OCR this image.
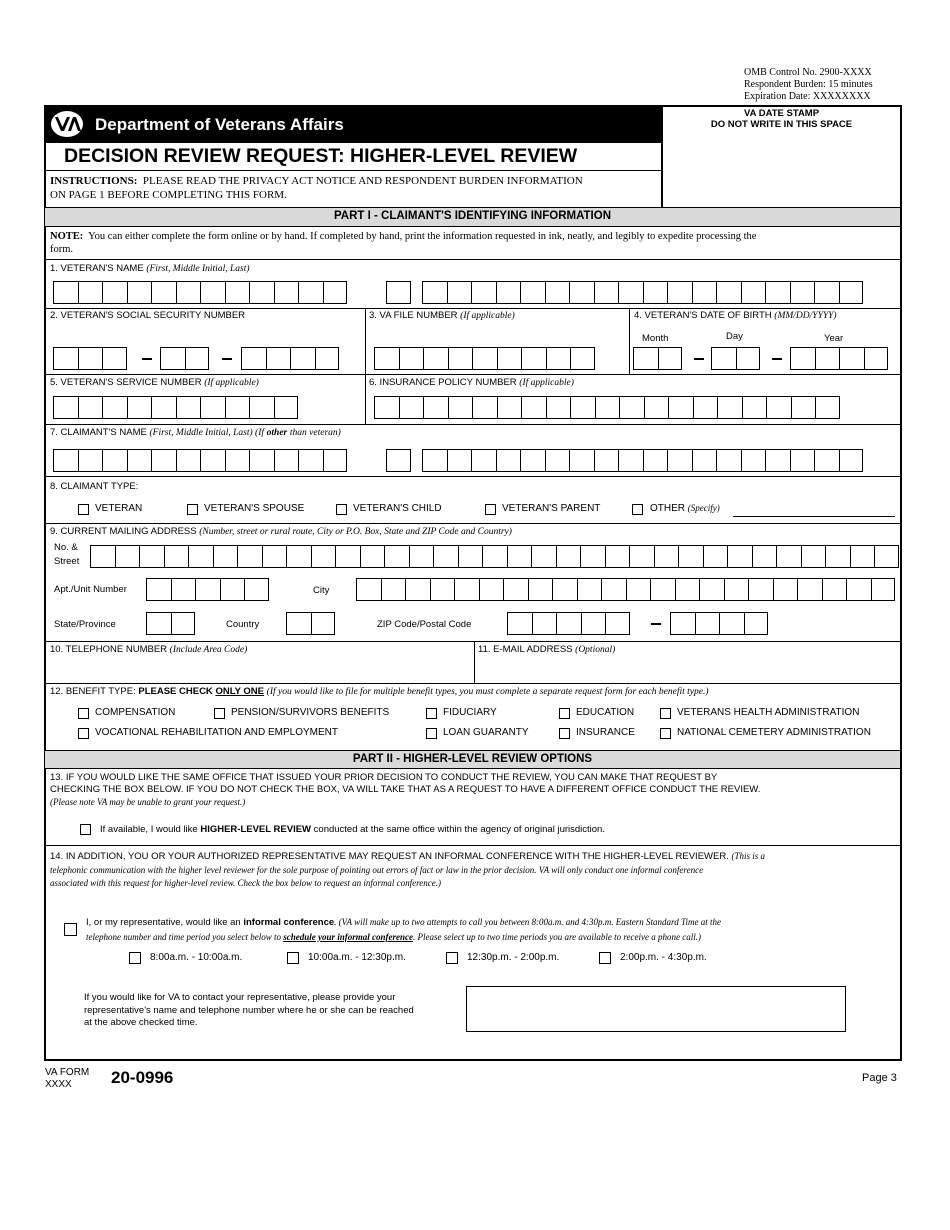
OMB Control No. 2900-XXXX
Respondent Burden: 15 minutes
Expiration Date: XXXXXXXX
Department of Veterans Affairs
VA DATE STAMP
DO NOT WRITE IN THIS SPACE
DECISION REVIEW REQUEST: HIGHER-LEVEL REVIEW
INSTRUCTIONS: PLEASE READ THE PRIVACY ACT NOTICE AND RESPONDENT BURDEN INFORMATION
ON PAGE 1 BEFORE COMPLETING THIS FORM.
PART I - CLAIMANT'S IDENTIFYING INFORMATION
NOTE: You can either complete the form online or by hand. If completed by hand, print the information requested in ink, neatly, and legibly to expedite processing the
form.
1. VETERAN'S NAME (First, Middle Initial, Last)
2. VETERAN'S SOCIAL SECURITY NUMBER	3. VA FILE NUMBER (If applicable)	4. VETERAN'S DATE OF BIRTH (MM/DD/YYYY)
Month	Day	Year
5. VETERAN'S SERVICE NUMBER (If applicable)	6. INSURANCE POLICY NUMBER (If applicable)
7. CLAIMANT'S NAME (First, Middle Initial, Last) (If other than veteran)
8. CLAIMANT TYPE:
VETERAN	VETERAN'S SPOUSE	VETERAN'S CHILD	VETERAN'S PARENT	OTHER (Specify)
9. CURRENT MAILING ADDRESS (Number, street or rural route, City or P.O. Box, State and ZIP Code and Country)
No. &
Street
Apt./Unit Number	City
State/Province	Country	ZIP Code/Postal Code
10. TELEPHONE NUMBER (Include Area Code)	11. E-MAIL ADDRESS (Optional)
12. BENEFIT TYPE: PLEASE CHECK ONLY ONE (If you would like to file for multiple benefit types, you must complete a separate request form for each benefit type.)
COMPENSATION	PENSION/SURVIVORS BENEFITS	FIDUCIARY	EDUCATION	VETERANS HEALTH ADMINISTRATION
VOCATIONAL REHABILITATION AND EMPLOYMENT	LOAN GUARANTY	INSURANCE	NATIONAL CEMETERY ADMINISTRATION
PART II - HIGHER-LEVEL REVIEW OPTIONS
13. IF YOU WOULD LIKE THE SAME OFFICE THAT ISSUED YOUR PRIOR DECISION TO CONDUCT THE REVIEW, YOU CAN MAKE THAT REQUEST BY
CHECKING THE BOX BELOW. IF YOU DO NOT CHECK THE BOX, VA WILL TAKE THAT AS A REQUEST TO HAVE A DIFFERENT OFFICE CONDUCT THE REVIEW.
(Please note VA may be unable to grant your request.)
If available, I would like HIGHER-LEVEL REVIEW conducted at the same office within the agency of original jurisdiction.
14. IN ADDITION, YOU OR YOUR AUTHORIZED REPRESENTATIVE MAY REQUEST AN INFORMAL CONFERENCE WITH THE HIGHER-LEVEL REVIEWER. (This is a
telephonic communication with the higher level reviewer for the sole purpose of pointing out errors of fact or law in the prior decision. VA will only conduct one informal conference
associated with this request for higher-level review. Check the box below to request an informal conference.)
I, or my representative, would like an informal conference. (VA will make up to two attempts to call you between 8:00a.m. and 4:30p.m. Eastern Standard Time at the
telephone number and time period you select below to schedule your informal conference. Please select up to two time periods you are available to receive a phone call.)
8:00a.m. - 10:00a.m.	10:00a.m. - 12:30p.m.	12:30p.m. - 2:00p.m.	2:00p.m. - 4:30p.m.
If you would like for VA to contact your representative, please provide your
representative's name and telephone number where he or she can be reached
at the above checked time.
VA FORM
XXXX	20-0996	Page 3
